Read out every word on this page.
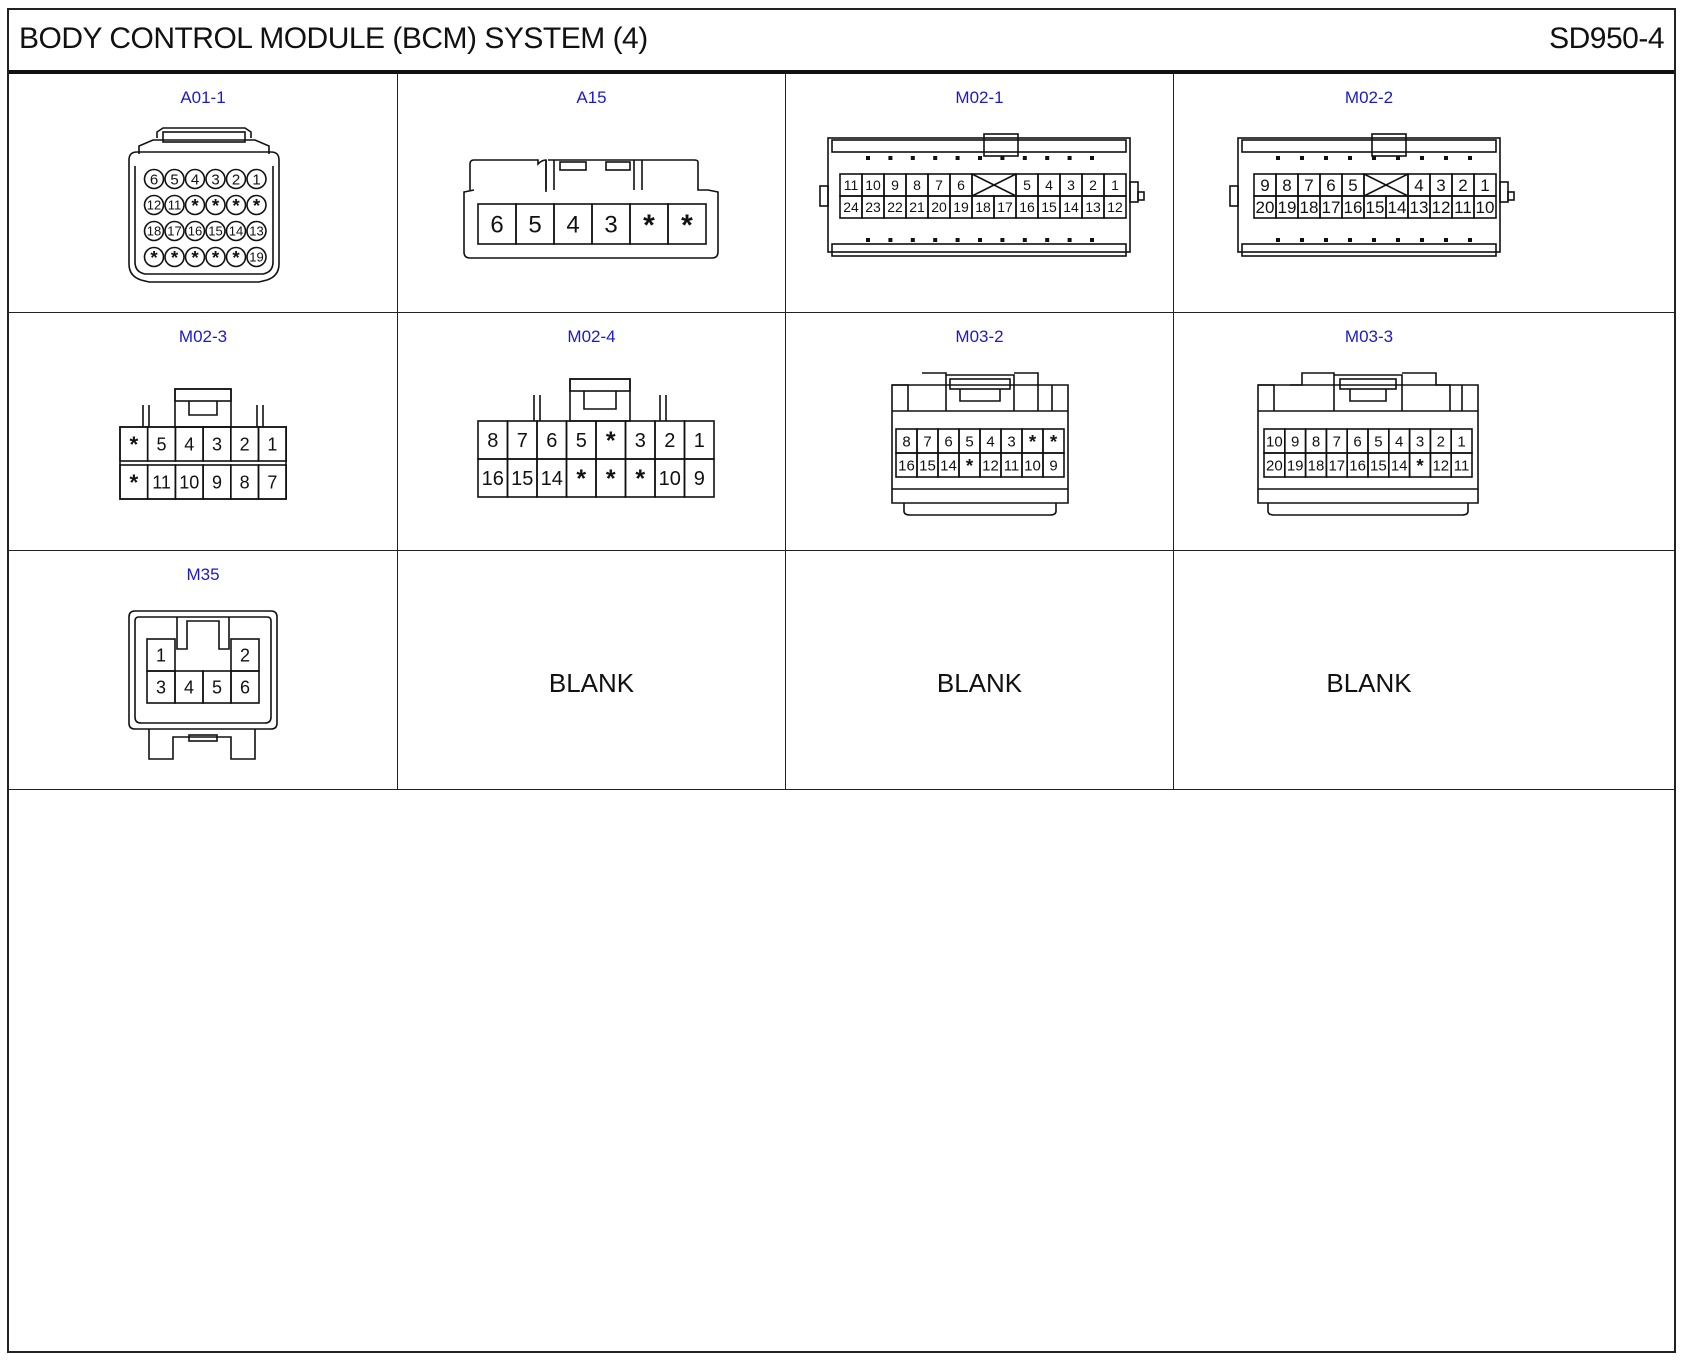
BODY CONTROL MODULE (BCM) SYSTEM (4)	SD950-4
A01-1
6 5 4 3 2 1
12 11 * * * *
18 17 16 15 14 13
* * * * * 19
A15
6 5 4 3 * *
M02-1
11 10 9 8 7 6	5 4 3 2 1
24 23 22 21 20 19 18 17 16 15 14 13 12
M02-2
9 8 7 6 5	4 3 2 1
20 19 18 17 16 15 14 13 12 11 10
M02-3
* 5 4 3 2 1
* 11 10 9 8 7
M02-4
8 7 6 5 * 3 2 1
16 15 14 * * * 10 9
M03-2
8 7 6 5 4 3 * *
16 15 14 * 12 11 10 9
M03-3
10 9 8 7 6 5 4 3 2 1
20 19 18 17 16 15 14 * 12 11
M35
1	2
3 4 5 6	BLANK	BLANK	BLANK
